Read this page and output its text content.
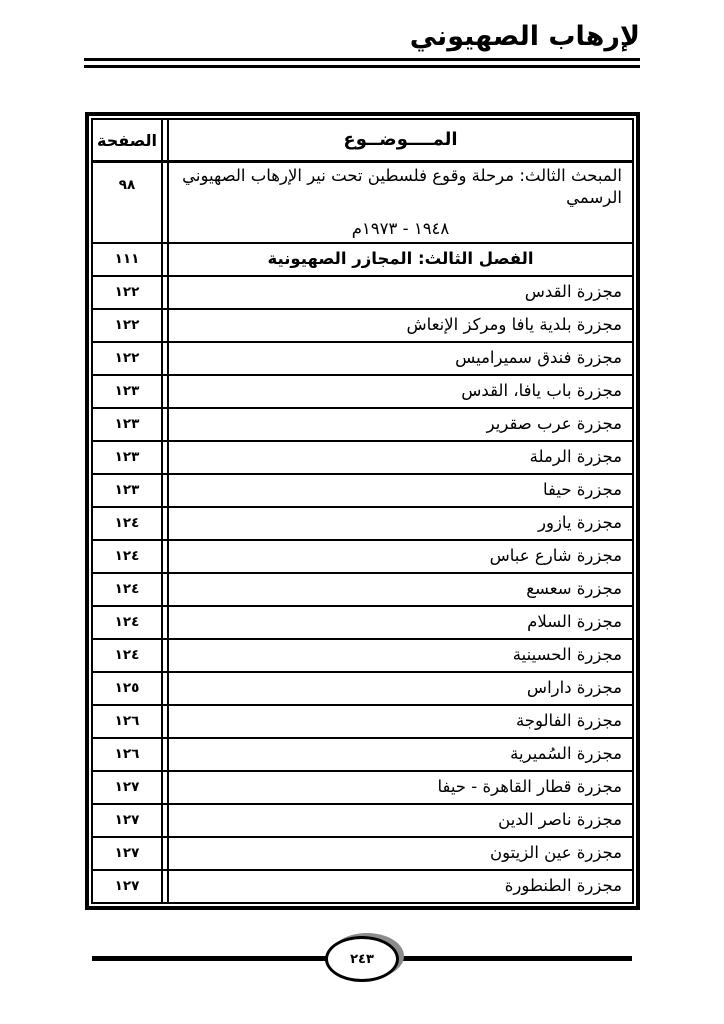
لإرهاب الصهيوني
المــــوضــوع
الصفحة
المبحث الثالث: مرحلة وقوع فلسطين تحت نير الإرهاب الصهيوني الرسمي
١٩٤٨ - ١٩٧٣م
٩٨
الفصل الثالث: المجازر الصهيونية
١١١
مجزرة القدس
١٢٢
مجزرة بلدية يافا ومركز الإنعاش
١٢٢
مجزرة فندق سميراميس
١٢٢
مجزرة باب يافا، القدس
١٢٣
مجزرة عرب صقرير
١٢٣
مجزرة الرملة
١٢٣
مجزرة حيفا
١٢٣
مجزرة يازور
١٢٤
مجزرة شارع عباس
١٢٤
مجزرة سعسع
١٢٤
مجزرة السلام
١٢٤
مجزرة الحسينية
١٢٤
مجزرة داراس
١٢٥
مجزرة الفالوجة
١٢٦
مجزرة السُميرية
١٢٦
مجزرة قطار القاهرة - حيفا
١٢٧
مجزرة ناصر الدين
١٢٧
مجزرة عين الزيتون
١٢٧
مجزرة الطنطورة
١٢٧
٢٤٣
